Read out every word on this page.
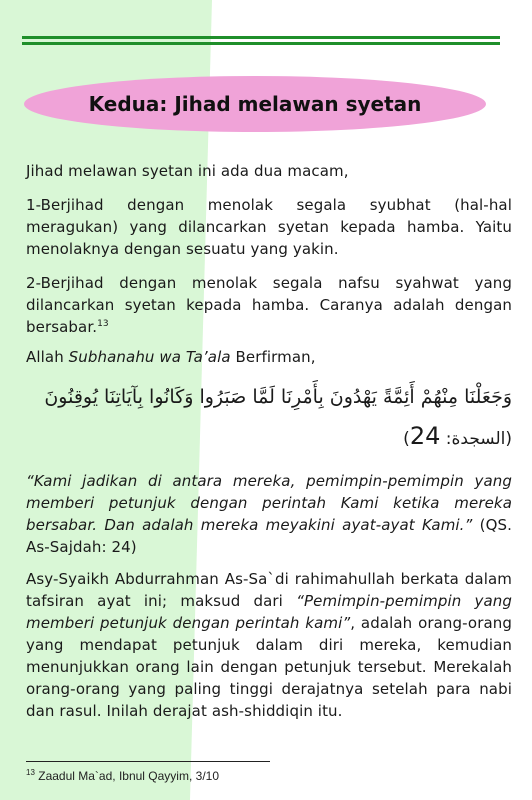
Kedua: Jihad melawan syetan

Jihad melawan syetan ini ada dua macam,

1-Berjihad dengan menolak segala syubhat (hal-hal meragukan) yang dilancarkan syetan kepada hamba. Yaitu menolaknya dengan sesuatu yang yakin.

2-Berjihad dengan menolak segala nafsu syahwat yang dilancarkan syetan kepada hamba. Caranya adalah dengan bersabar.$^{13}$

Allah Subhanahu wa Ta’ala Berfirman,

وَجَعَلْنَا مِنْهُمْ أَئِمَّةً يَهْدُونَ بِأَمْرِنَا لَمَّا صَبَرُوا وَكَانُوا بِآيَاتِنَا يُوقِنُونَ
(السجدة: 24)

“Kami jadikan di antara mereka, pemimpin-pemimpin yang memberi petunjuk dengan perintah Kami ketika mereka bersabar. Dan adalah mereka meyakini ayat-ayat Kami.” (QS. As-Sajdah: 24)

Asy-Syaikh Abdurrahman As-Sa`di rahimahullah berkata dalam tafsiran ayat ini; maksud dari “Pemimpin-pemimpin yang memberi petunjuk dengan perintah kami”, adalah orang-orang yang mendapat petunjuk dalam diri mereka, kemudian menunjukkan orang lain dengan petunjuk tersebut. Merekalah orang-orang yang paling tinggi derajatnya setelah para nabi dan rasul. Inilah derajat ash-shiddiqin itu.

$^{13}$ Zaadul Ma`ad, Ibnul Qayyim, 3/10
